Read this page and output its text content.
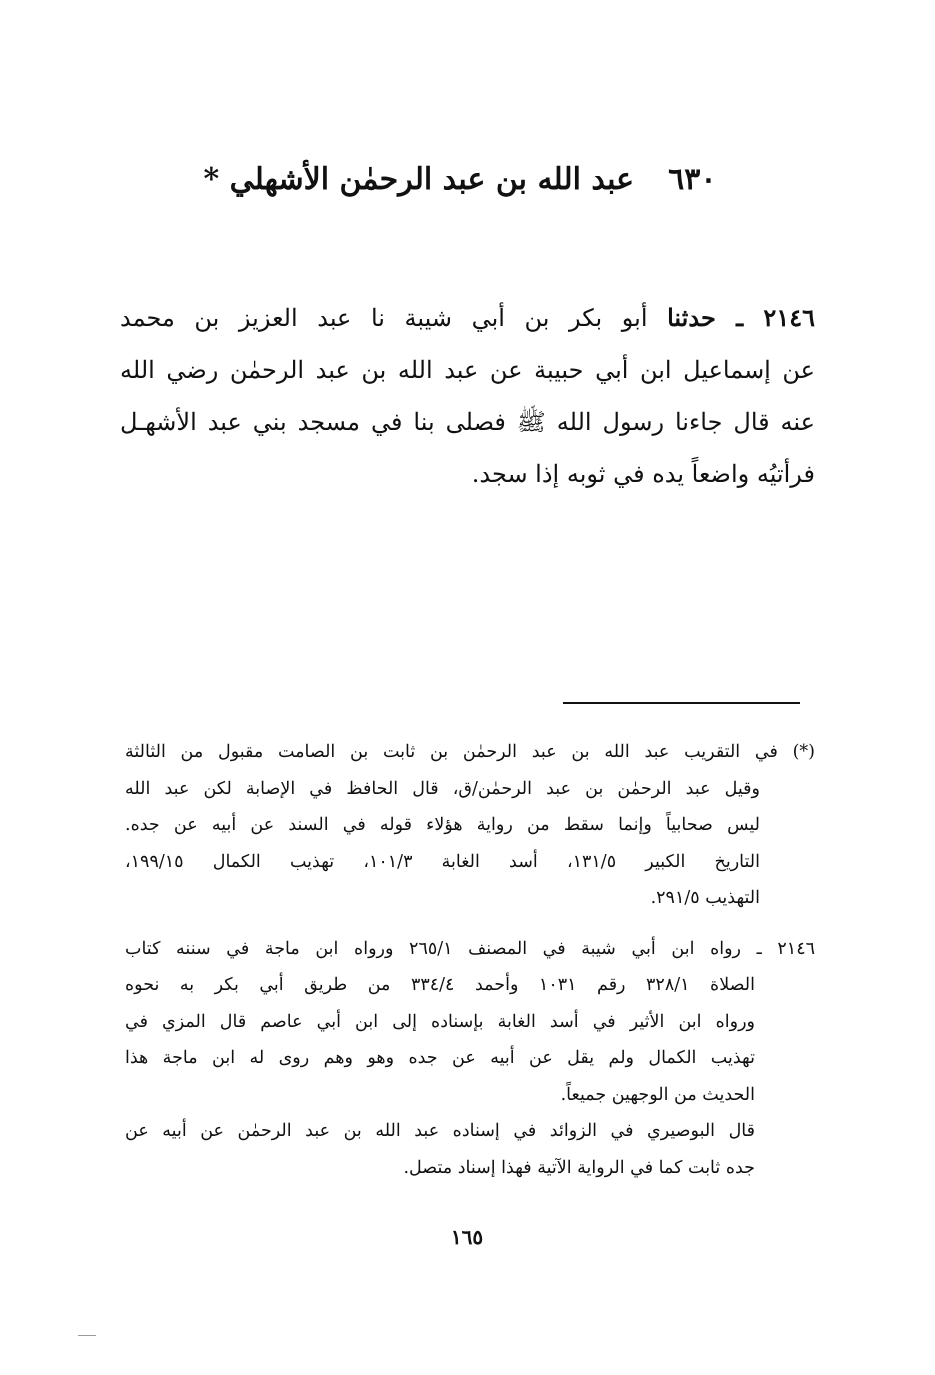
٦٣٠عبد الله بن عبد الرحمٰن الأشهلي *
٢١٤٦ ـ حدثنا أبو بكر بن أبي شيبة نا عبد العزيز بن محمد
عن إسماعيل ابن أبي حبيبة عن عبد الله بن عبد الرحمٰن رضي الله
عنه قال جاءنا رسول الله ﷺ فصلى بنا في مسجد بني عبد الأشهـل
فرأتيُه واضعاً يده في ثوبه إذا سجد.

(*) في التقريب عبد الله بن عبد الرحمٰن بن ثابت بن الصامت مقبول من الثالثة
وقيل عبد الرحمٰن بن عبد الرحمٰن/ق، قال الحافظ في الإصابة لكن عبد الله
ليس صحابياً وإنما سقط من رواية هؤلاء قوله في السند عن أبيه عن جده.
التاريخ الكبير ١٣١/٥، أسد الغابة ١٠١/٣، تهذيب الكمال ١٩٩/١٥،
التهذيب ٢٩١/٥.

٢١٤٦ ـ رواه ابن أبي شيبة في المصنف ٢٦٥/١ ورواه ابن ماجة في سننه كتاب
الصلاة ٣٢٨/١ رقم ١٠٣١ وأحمد ٣٣٤/٤ من طريق أبي بكر به نحوه
ورواه ابن الأثير في أسد الغابة بإسناده إلى ابن أبي عاصم قال المزي في
تهذيب الكمال ولم يقل عن أبيه عن جده وهو وهم روى له ابن ماجة هذا
الحديث من الوجهين جميعاً.
قال البوصيري في الزوائد في إسناده عبد الله بن عبد الرحمٰن عن أبيه عن
جده ثابت كما في الرواية الآتية فهذا إسناد متصل.

١٦٥
